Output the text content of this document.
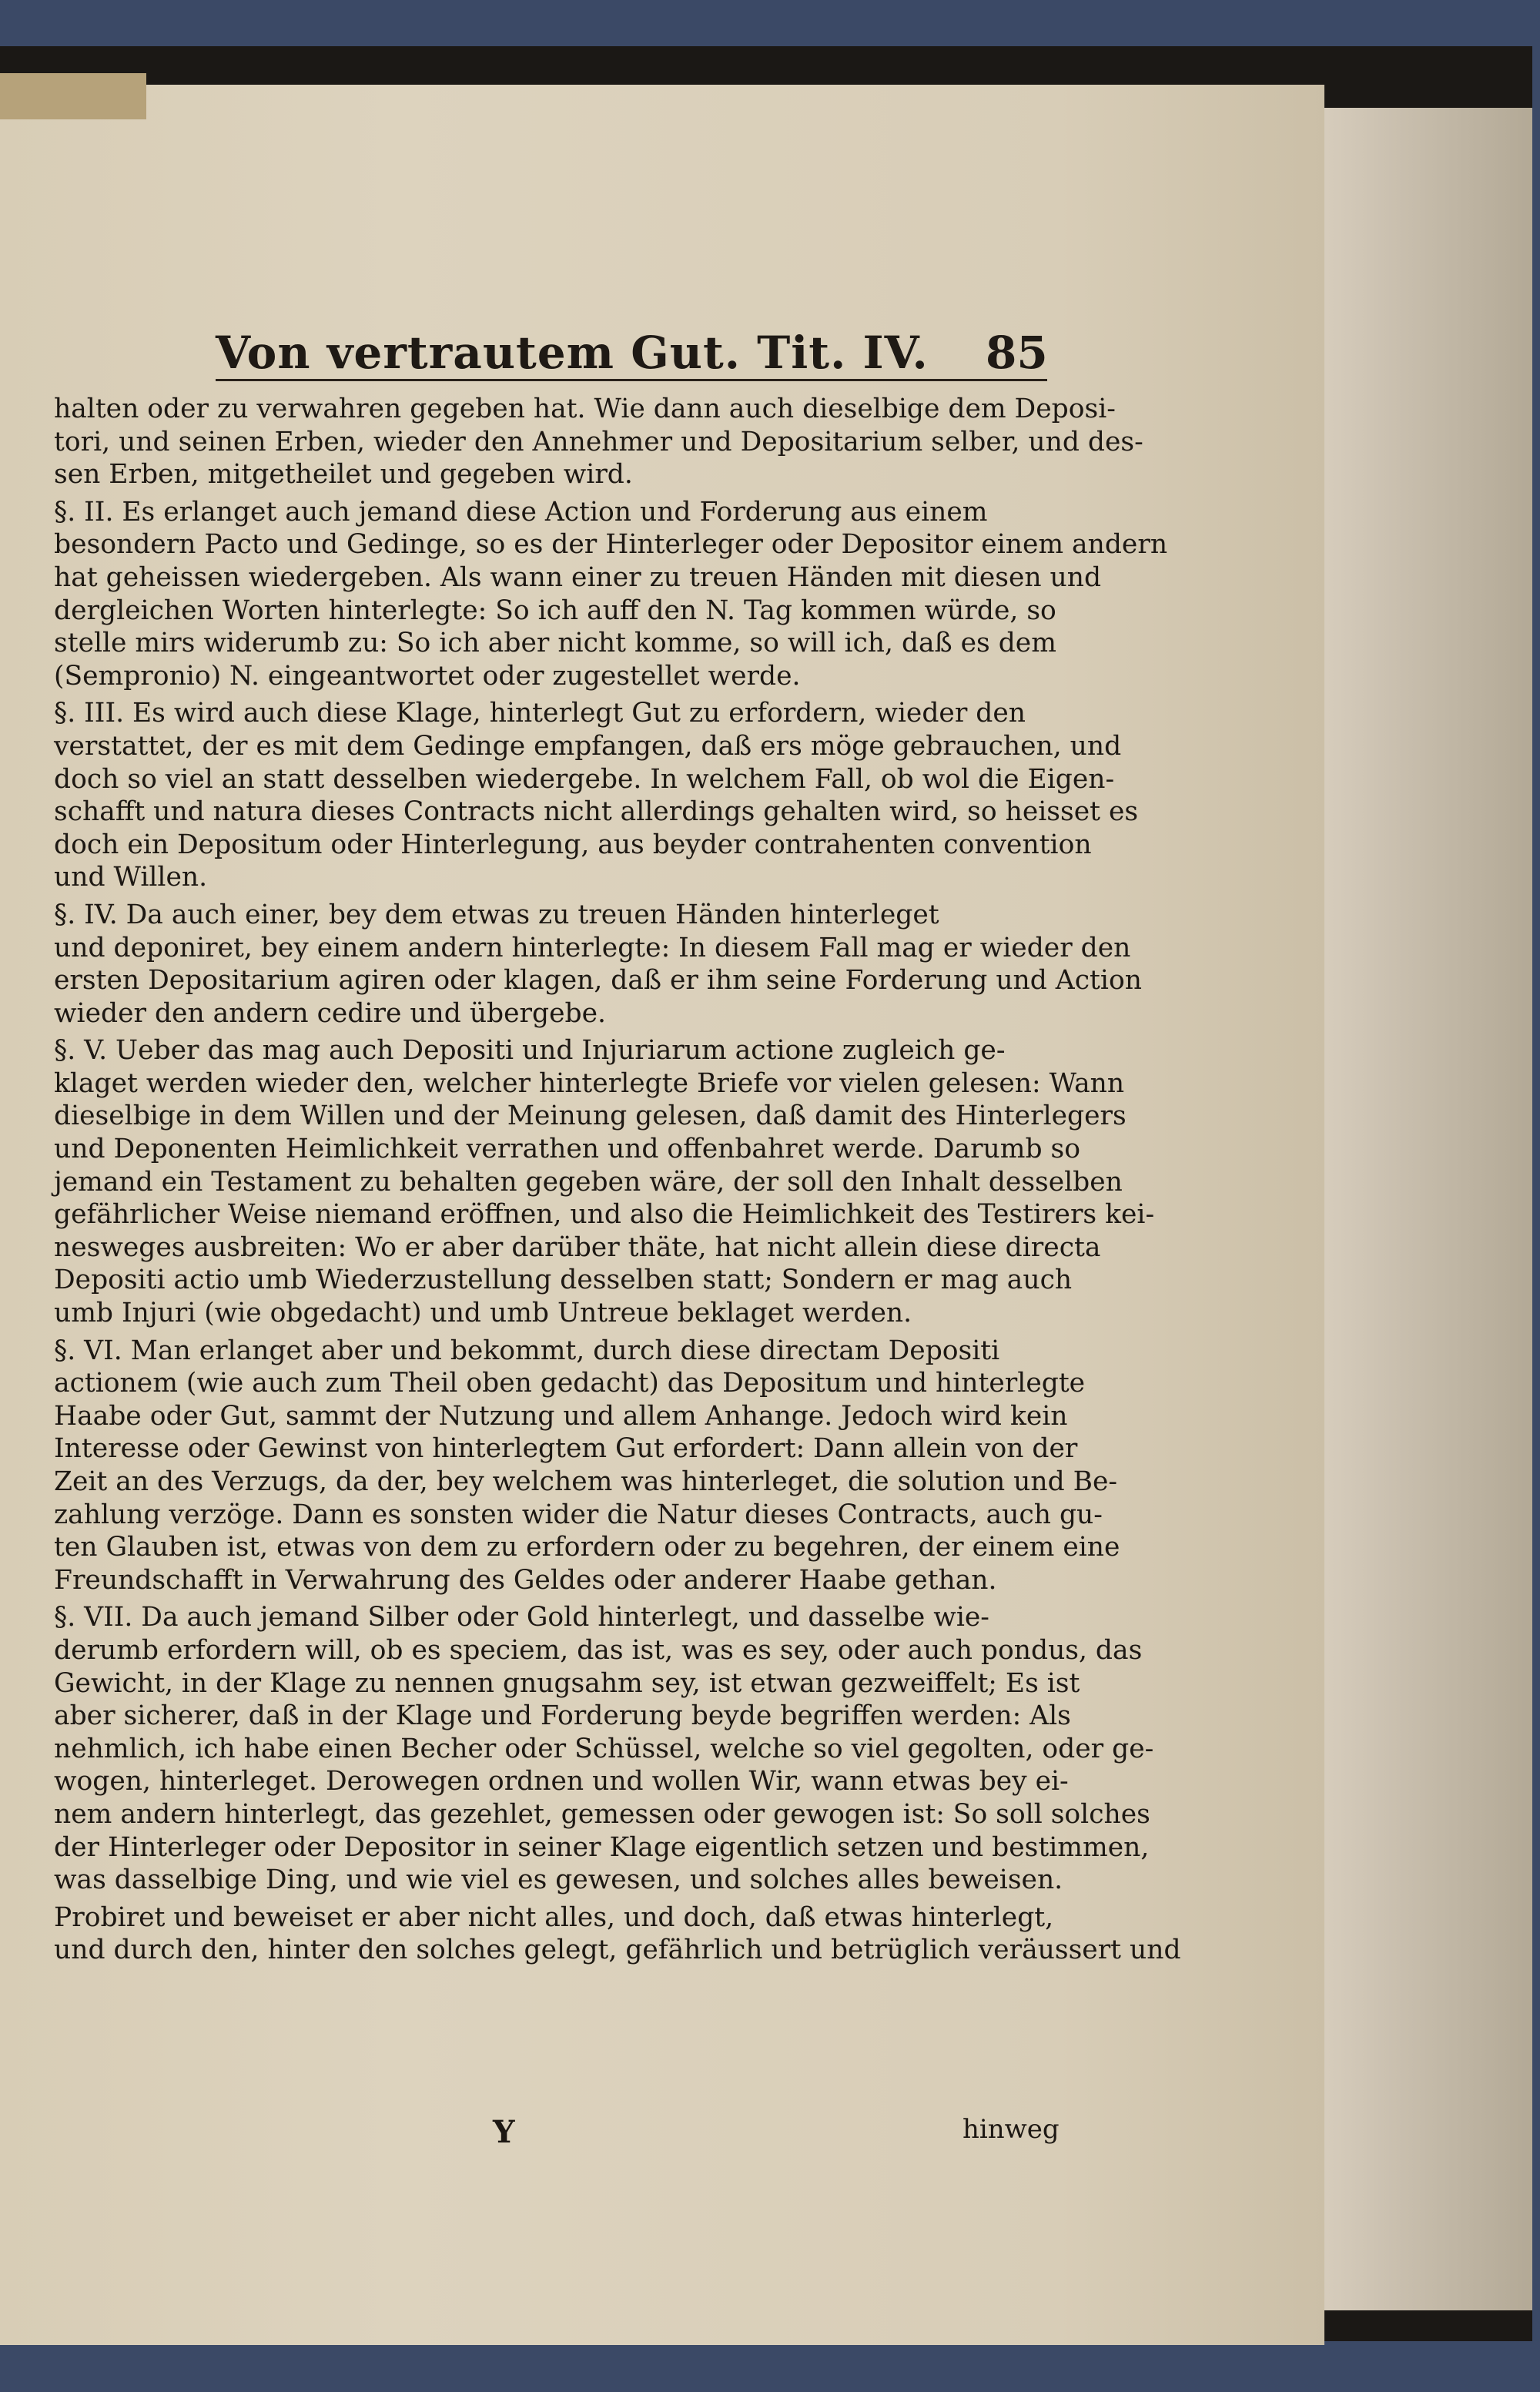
Von vertrautem Gut. Tit. IV.	85
halten oder zu verwahren gegeben hat. Wie dann auch dieselbige dem Deposi-
tori, und seinen Erben, wieder den Annehmer und Depositarium selber, und des-
sen Erben, mitgetheilet und gegeben wird.
§. II. Es erlanget auch jemand diese Action und Forderung aus einem
besondern Pacto und Gedinge, so es der Hinterleger oder Depositor einem andern
hat geheissen wiedergeben. Als wann einer zu treuen Händen mit diesen und
dergleichen Worten hinterlegte: So ich auff den N. Tag kommen würde, so
stelle mirs widerumb zu: So ich aber nicht komme, so will ich, daß es dem
(Sempronio) N. eingeantwortet oder zugestellet werde.
§. III. Es wird auch diese Klage, hinterlegt Gut zu erfordern, wieder den
verstattet, der es mit dem Gedinge empfangen, daß ers möge gebrauchen, und
doch so viel an statt desselben wiedergebe. In welchem Fall, ob wol die Eigen-
schafft und natura dieses Contracts nicht allerdings gehalten wird, so heisset es
doch ein Depositum oder Hinterlegung, aus beyder contrahenten convention
und Willen.
§. IV. Da auch einer, bey dem etwas zu treuen Händen hinterleget
und deponiret, bey einem andern hinterlegte: In diesem Fall mag er wieder den
ersten Depositarium agiren oder klagen, daß er ihm seine Forderung und Action
wieder den andern cedire und übergebe.
§. V. Ueber das mag auch Depositi und Injuriarum actione zugleich ge-
klaget werden wieder den, welcher hinterlegte Briefe vor vielen gelesen: Wann
dieselbige in dem Willen und der Meinung gelesen, daß damit des Hinterlegers
und Deponenten Heimlichkeit verrathen und offenbahret werde. Darumb so
jemand ein Testament zu behalten gegeben wäre, der soll den Inhalt desselben
gefährlicher Weise niemand eröffnen, und also die Heimlichkeit des Testirers kei-
nesweges ausbreiten: Wo er aber darüber thäte, hat nicht allein diese directa
Depositi actio umb Wiederzustellung desselben statt; Sondern er mag auch
umb Injuri (wie obgedacht) und umb Untreue beklaget werden.
§. VI. Man erlanget aber und bekommt, durch diese directam Depositi
actionem (wie auch zum Theil oben gedacht) das Depositum und hinterlegte
Haabe oder Gut, sammt der Nutzung und allem Anhange. Jedoch wird kein
Interesse oder Gewinst von hinterlegtem Gut erfordert: Dann allein von der
Zeit an des Verzugs, da der, bey welchem was hinterleget, die solution und Be-
zahlung verzöge. Dann es sonsten wider die Natur dieses Contracts, auch gu-
ten Glauben ist, etwas von dem zu erfordern oder zu begehren, der einem eine
Freundschafft in Verwahrung des Geldes oder anderer Haabe gethan.
§. VII. Da auch jemand Silber oder Gold hinterlegt, und dasselbe wie-
derumb erfordern will, ob es speciem, das ist, was es sey, oder auch pondus, das
Gewicht, in der Klage zu nennen gnugsahm sey, ist etwan gezweiffelt; Es ist
aber sicherer, daß in der Klage und Forderung beyde begriffen werden: Als
nehmlich, ich habe einen Becher oder Schüssel, welche so viel gegolten, oder ge-
wogen, hinterleget. Derowegen ordnen und wollen Wir, wann etwas bey ei-
nem andern hinterlegt, das gezehlet, gemessen oder gewogen ist: So soll solches
der Hinterleger oder Depositor in seiner Klage eigentlich setzen und bestimmen,
was dasselbige Ding, und wie viel es gewesen, und solches alles beweisen.
Probiret und beweiset er aber nicht alles, und doch, daß etwas hinterlegt,
und durch den, hinter den solches gelegt, gefährlich und betrüglich veräussert und
Y	hinweg
